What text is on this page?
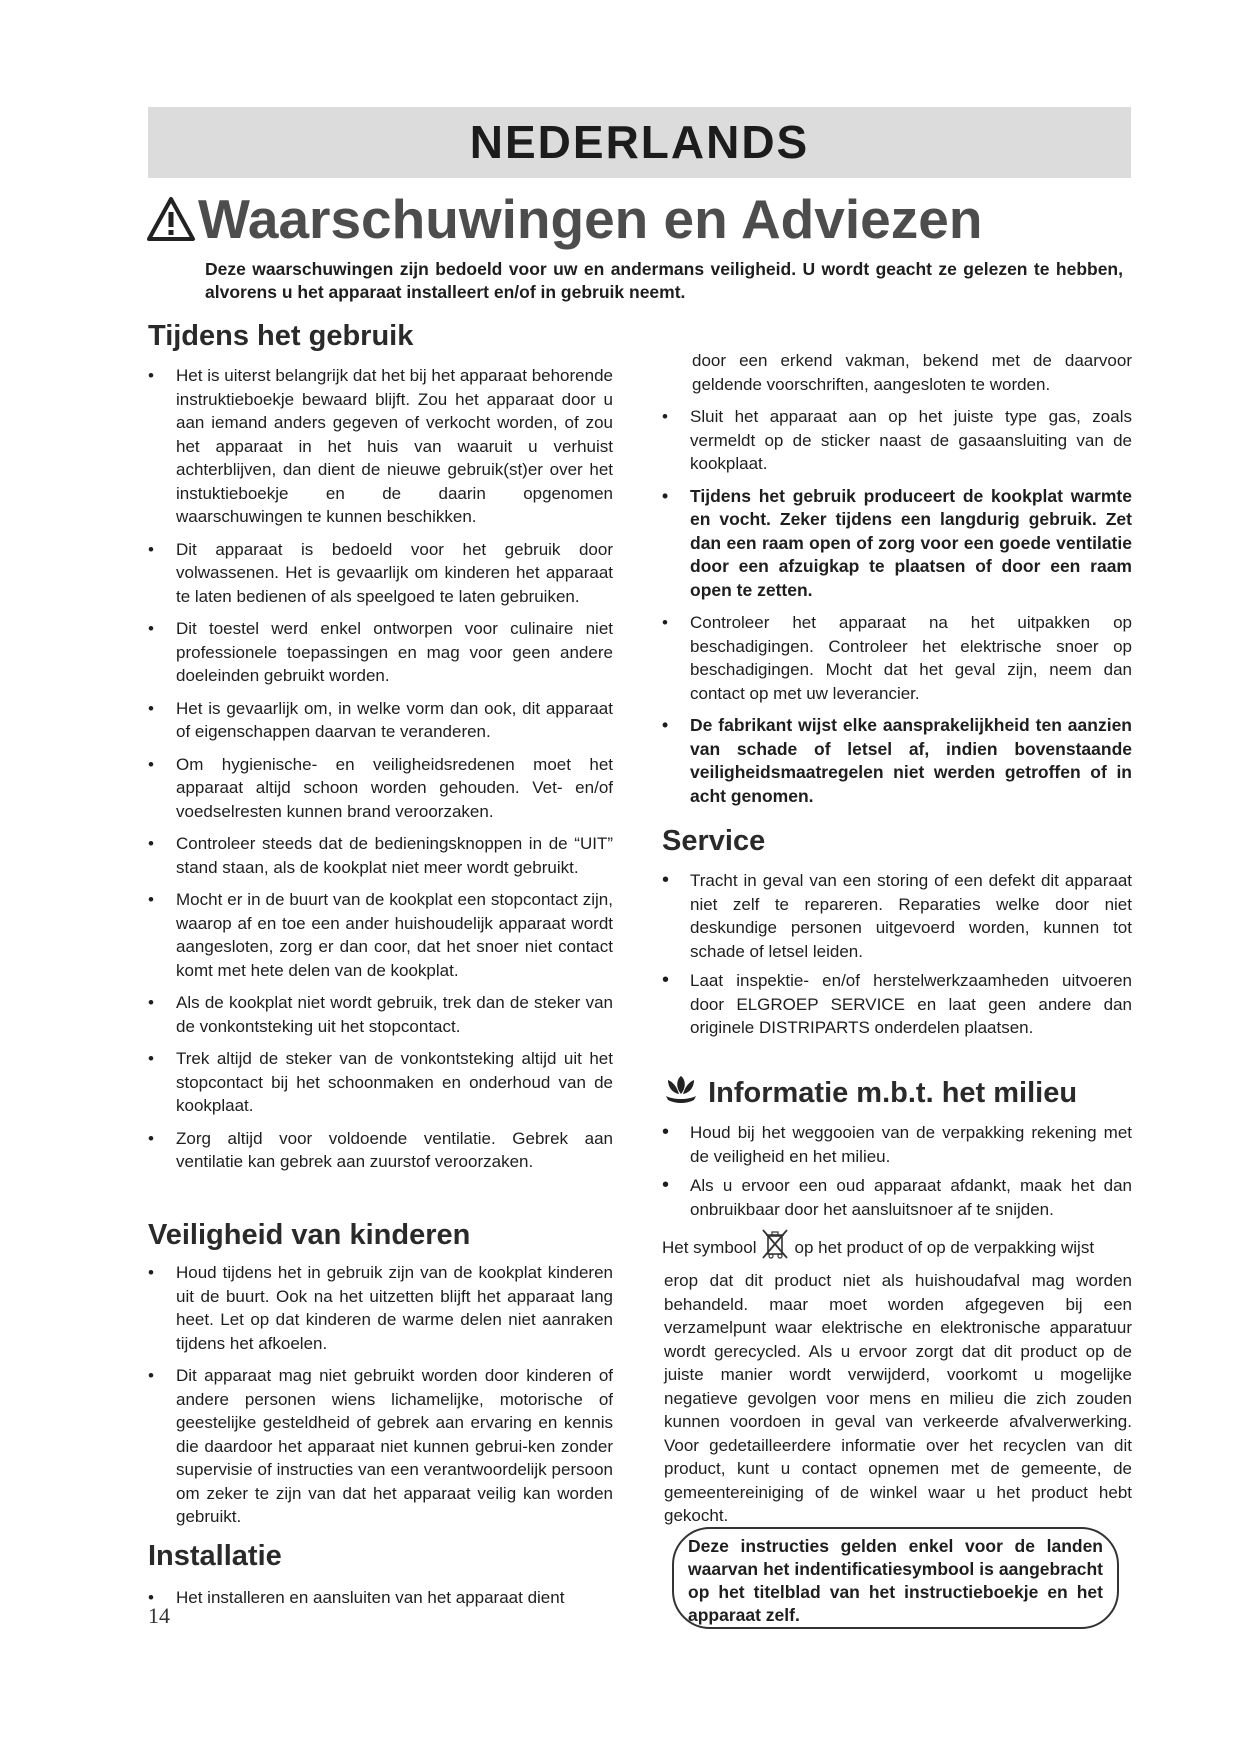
NEDERLANDS
Waarschuwingen en Adviezen
Deze waarschuwingen zijn bedoeld voor uw en andermans veiligheid. U wordt geacht ze gelezen te hebben, alvorens u het apparaat installeert en/of in gebruik neemt.
Tijdens het gebruik
• Het is uiterst belangrijk dat het bij het apparaat behorende instruktieboekje bewaard blijft. Zou het apparaat door u aan iemand anders gegeven of verkocht worden, of zou het apparaat in het huis van waaruit u verhuist achterblijven, dan dient de nieuwe gebruik(st)er over het instuktieboekje en de daarin opgenomen waarschuwingen te kunnen beschikken.
• Dit apparaat is bedoeld voor het gebruik door volwassenen. Het is gevaarlijk om kinderen het apparaat te laten bedienen of als speelgoed te laten gebruiken.
• Dit toestel werd enkel ontworpen voor culinaire niet professionele toepassingen en mag voor geen andere doeleinden gebruikt worden.
• Het is gevaarlijk om, in welke vorm dan ook, dit apparaat of eigenschappen daarvan te veranderen.
• Om hygienische- en veiligheidsredenen moet het apparaat altijd schoon worden gehouden. Vet- en/of voedselresten kunnen brand veroorzaken.
• Controleer steeds dat de bedieningsknoppen in de “UIT” stand staan, als de kookplat niet meer wordt gebruikt.
• Mocht er in de buurt van de kookplat een stopcontact zijn, waarop af en toe een ander huishoudelijk apparaat wordt aangesloten, zorg er dan coor, dat het snoer niet contact komt met hete delen van de kookplat.
• Als de kookplat niet wordt gebruik, trek dan de steker van de vonkontsteking uit het stopcontact.
• Trek altijd de steker van de vonkontsteking altijd uit het stopcontact bij het schoonmaken en onderhoud van de kookplaat.
• Zorg altijd voor voldoende ventilatie. Gebrek aan ventilatie kan gebrek aan zuurstof veroorzaken.
Veiligheid van kinderen
• Houd tijdens het in gebruik zijn van de kookplat kinderen uit de buurt. Ook na het uitzetten blijft het apparaat lang heet. Let op dat kinderen de warme delen niet aanraken tijdens het afkoelen.
• Dit apparaat mag niet gebruikt worden door kinderen of andere personen wiens lichamelijke, motorische of geestelijke gesteldheid of gebrek aan ervaring en kennis die daardoor het apparaat niet kunnen gebrui-ken zonder supervisie of instructies van een verantwoordelijk persoon om zeker te zijn van dat het apparaat veilig kan worden gebruikt.
Installatie
• Het installeren en aansluiten van het apparaat dient
14
door een erkend vakman, bekend met de daarvoor geldende voorschriften, aangesloten te worden.
• Sluit het apparaat aan op het juiste type gas, zoals vermeldt op de sticker naast de gasaansluiting van de kookplaat.
• Tijdens het gebruik produceert de kookplat warmte en vocht. Zeker tijdens een langdurig gebruik. Zet dan een raam open of zorg voor een goede ventilatie door een afzuigkap te plaatsen of door een raam open te zetten.
• Controleer het apparaat na het uitpakken op beschadigingen. Controleer het elektrische snoer op beschadigingen. Mocht dat het geval zijn, neem dan contact op met uw leverancier.
• De fabrikant wijst elke aansprakelijkheid ten aanzien van schade of letsel af, indien bovenstaande veiligheidsmaatregelen niet werden getroffen of in acht genomen.
Service
• Tracht in geval van een storing of een defekt dit apparaat niet zelf te repareren. Reparaties welke door niet deskundige personen uitgevoerd worden, kunnen tot schade of letsel leiden.
• Laat inspektie- en/of herstelwerkzaamheden uitvoeren door ELGROEP SERVICE en laat geen andere dan originele DISTRIPARTS onderdelen plaatsen.
Informatie m.b.t. het milieu
• Houd bij het weggooien van de verpakking rekening met de veiligheid en het milieu.
• Als u ervoor een oud apparaat afdankt, maak het dan onbruikbaar door het aansluitsnoer af te snijden.
Het symbool op het product of op de verpakking wijst
erop dat dit product niet als huishoudafval mag worden behandeld. maar moet worden afgegeven bij een verzamelpunt waar elektrische en elektronische apparatuur wordt gerecycled. Als u ervoor zorgt dat dit product op de juiste manier wordt verwijderd, voorkomt u mogelijke negatieve gevolgen voor mens en milieu die zich zouden kunnen voordoen in geval van verkeerde afvalverwerking. Voor gedetailleerdere informatie over het recyclen van dit product, kunt u contact opnemen met de gemeente, de gemeentereiniging of de winkel waar u het product hebt gekocht.
Deze instructies gelden enkel voor de landen waarvan het indentificatiesymbool is aangebracht op het titelblad van het instructieboekje en het apparaat zelf.
